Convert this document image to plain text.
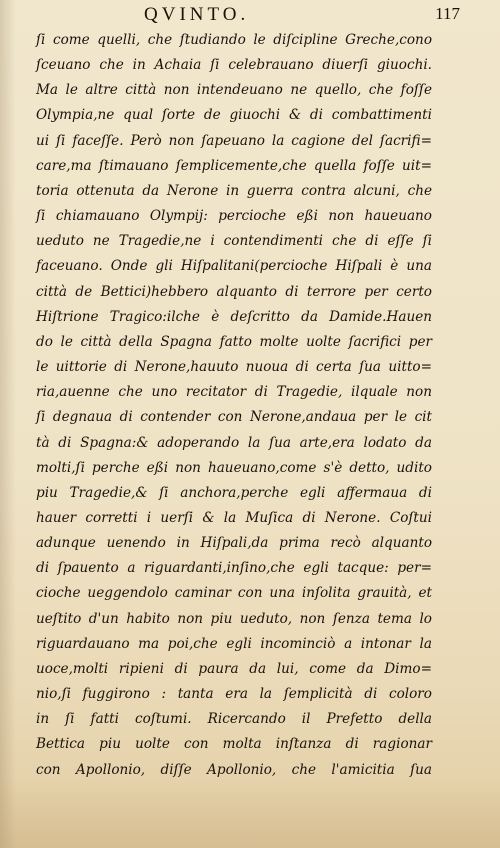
QVINTO.	117
ſi come quelli, che ſtudiando le diſcipline Greche,cono
ſceuano che in Achaia ſi celebrauano diuerſi giuochi.
Ma le altre città non intendeuano ne quello, che foſſe
Olympia,ne qual ſorte de giuochi & di combattimenti
ui ſi faceſſe. Però non ſapeuano la cagione del ſacrifi=
care,ma ſtimauano ſemplicemente,che quella foſſe uit=
toria ottenuta da Nerone in guerra contra alcuni, che
ſi chiamauano Olympij: percioche eßi non haueuano
ueduto ne Tragedie,ne i contendimenti che di eſſe ſi
faceuano. Onde gli Hiſpalitani(percioche Hiſpali è una
città de Bettici)hebbero alquanto di terrore per certo
Hiſtrione Tragico:ilche è deſcritto da Damide.Hauen
do le città della Spagna fatto molte uolte ſacrifici per
le uittorie di Nerone,hauuto nuoua di certa ſua uitto=
ria,auenne che uno recitator di Tragedie, ilquale non
ſi degnaua di contender con Nerone,andaua per le cit
tà di Spagna:& adoperando la ſua arte,era lodato da
molti,ſi perche eßi non haueuano,come s'è detto, udito
piu Tragedie,& ſi anchora,perche egli affermaua di
hauer corretti i uerſi & la Muſica di Nerone. Coſtui
adunque uenendo in Hiſpali,da prima recò alquanto
di ſpauento a riguardanti,inſino,che egli tacque: per=
cioche ueggendolo caminar con una inſolita grauità, et
ueſtito d'un habito non piu ueduto, non ſenza tema lo
riguardauano ma poi,che egli incominciò a intonar la
uoce,molti ripieni di paura da lui, come da Dimo=
nio,ſi fuggirono : tanta era la ſemplicità di coloro
in ſi fatti coſtumi. Ricercando il Prefetto della
Bettica piu uolte con molta inſtanza di ragionar
con Apollonio, diſſe Apollonio, che l'amicitia ſua
